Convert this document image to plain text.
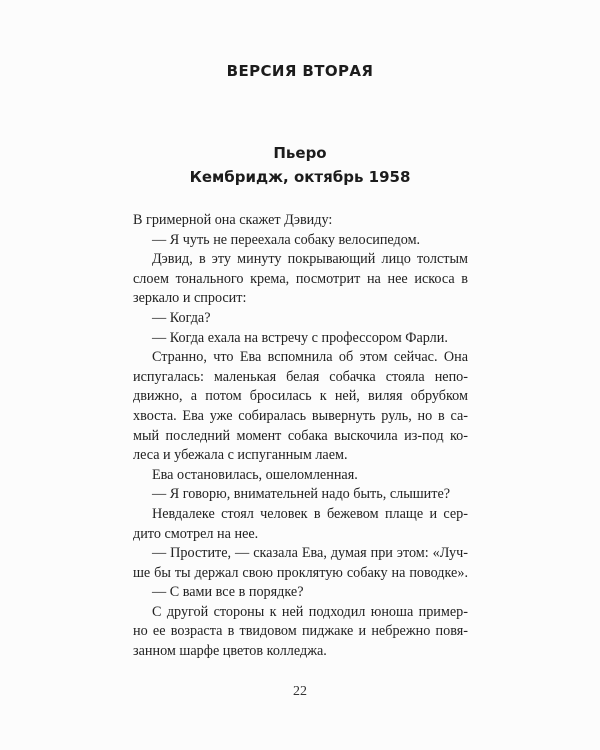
ВЕРСИЯ ВТОРАЯ
Пьеро
Кембридж, октябрь 1958
В гримерной она скажет Дэвиду:
— Я чуть не переехала собаку велосипедом.
Дэвид, в эту минуту покрывающий лицо толстым
слоем тонального крема, посмотрит на нее искоса в
зеркало и спросит:
— Когда?
— Когда ехала на встречу с профессором Фарли.
Странно, что Ева вспомнила об этом сейчас. Она
испугалась: маленькая белая собачка стояла непо-
движно, а потом бросилась к ней, виляя обрубком
хвоста. Ева уже собиралась вывернуть руль, но в са-
мый последний момент собака выскочила из-под ко-
леса и убежала с испуганным лаем.
Ева остановилась, ошеломленная.
— Я говорю, внимательней надо быть, слышите?
Невдалеке стоял человек в бежевом плаще и сер-
дито смотрел на нее.
— Простите, — сказала Ева, думая при этом: «Луч-
ше бы ты держал свою проклятую собаку на поводке».
— С вами все в порядке?
С другой стороны к ней подходил юноша пример-
но ее возраста в твидовом пиджаке и небрежно повя-
занном шарфе цветов колледжа.
22
